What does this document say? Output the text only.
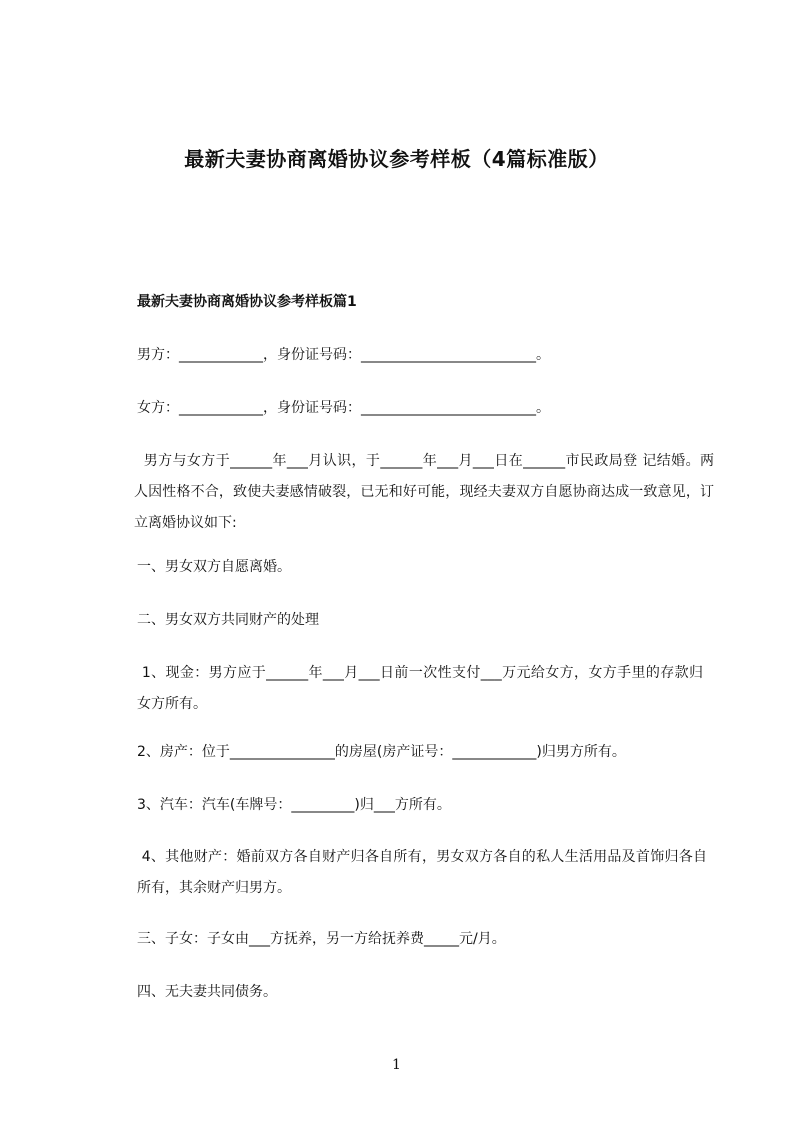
最新夫妻协商离婚协议参考样板（4篇标准版）
最新夫妻协商离婚协议参考样板篇1
男方：____________，身份证号码：_________________________。
女方：____________，身份证号码：_________________________。
男方与女方于______年___月认识，于______年___月___日在______市民政局登 记结婚。两人因性格不合，致使夫妻感情破裂，已无和好可能，现经夫妻双方自愿协商达成一致意见，订立离婚协议如下:
一、男女双方自愿离婚。
二、男女双方共同财产的处理
1、现金：男方应于______年___月___日前一次性支付___万元给女方，女方手里的存款归女方所有。
2、房产：位于_______________的房屋(房产证号：____________)归男方所有。
3、汽车：汽车(车牌号：_________)归___方所有。
4、其他财产：婚前双方各自财产归各自所有，男女双方各自的私人生活用品及首饰归各自所有，其余财产归男方。
三、子女：子女由___方抚养，另一方给抚养费_____元/月。
四、无夫妻共同债务。
1
